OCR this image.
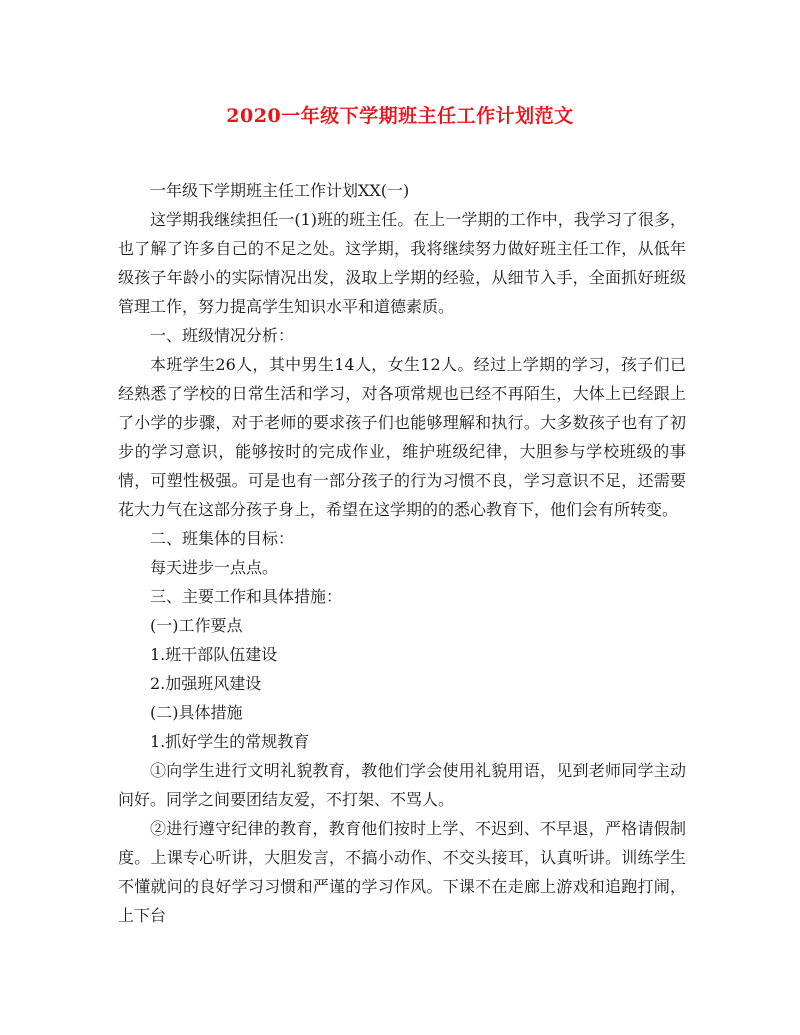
2020一年级下学期班主任工作计划范文

一年级下学期班主任工作计划XX(一)

这学期我继续担任一(1)班的班主任。在上一学期的工作中，我学习了很多，也了解了许多自己的不足之处。这学期，我将继续努力做好班主任工作，从低年级孩子年龄小的实际情况出发，汲取上学期的经验，从细节入手，全面抓好班级管理工作，努力提高学生知识水平和道德素质。

一、班级情况分析：

本班学生26人，其中男生14人，女生12人。经过上学期的学习，孩子们已经熟悉了学校的日常生活和学习，对各项常规也已经不再陌生，大体上已经跟上了小学的步骤，对于老师的要求孩子们也能够理解和执行。大多数孩子也有了初步的学习意识，能够按时的完成作业，维护班级纪律，大胆参与学校班级的事情，可塑性极强。可是也有一部分孩子的行为习惯不良，学习意识不足，还需要花大力气在这部分孩子身上，希望在这学期的的悉心教育下，他们会有所转变。

二、班集体的目标：

每天进步一点点。

三、主要工作和具体措施：

(一)工作要点

1.班干部队伍建设

2.加强班风建设

(二)具体措施

1.抓好学生的常规教育

①向学生进行文明礼貌教育，教他们学会使用礼貌用语，见到老师同学主动问好。同学之间要团结友爱，不打架、不骂人。

②进行遵守纪律的教育，教育他们按时上学、不迟到、不早退，严格请假制度。上课专心听讲，大胆发言，不搞小动作、不交头接耳，认真听讲。训练学生不懂就问的良好学习习惯和严谨的学习作风。下课不在走廊上游戏和追跑打闹，上下台
